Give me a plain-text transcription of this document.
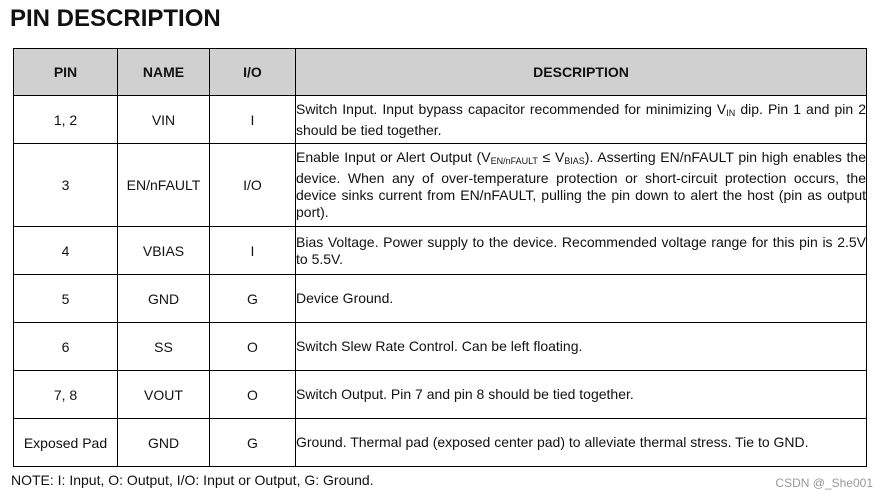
PIN DESCRIPTION
PIN	NAME	I/O	DESCRIPTION
1, 2	VIN	I	Switch Input. Input bypass capacitor recommended for minimizing $V_{IN}$ dip. Pin 1 and pin 2 should be tied together.
3	EN/nFAULT	I/O	Enable Input or Alert Output $(V_{EN/nFAULT} \le V_{BIAS})$. Asserting EN/nFAULT pin high enables the device. When any of over-temperature protection or short-circuit protection occurs, the device sinks current from EN/nFAULT, pulling the pin down to alert the host (pin as output port).
4	VBIAS	I	Bias Voltage. Power supply to the device. Recommended voltage range for this pin is 2.5V to 5.5V.
5	GND	G	Device Ground.
6	SS	O	Switch Slew Rate Control. Can be left floating.
7, 8	VOUT	O	Switch Output. Pin 7 and pin 8 should be tied together.
Exposed Pad	GND	G	Ground. Thermal pad (exposed center pad) to alleviate thermal stress. Tie to GND.

NOTE: I: Input, O: Output, I/O: Input or Output, G: Ground.	CSDN @_She001
